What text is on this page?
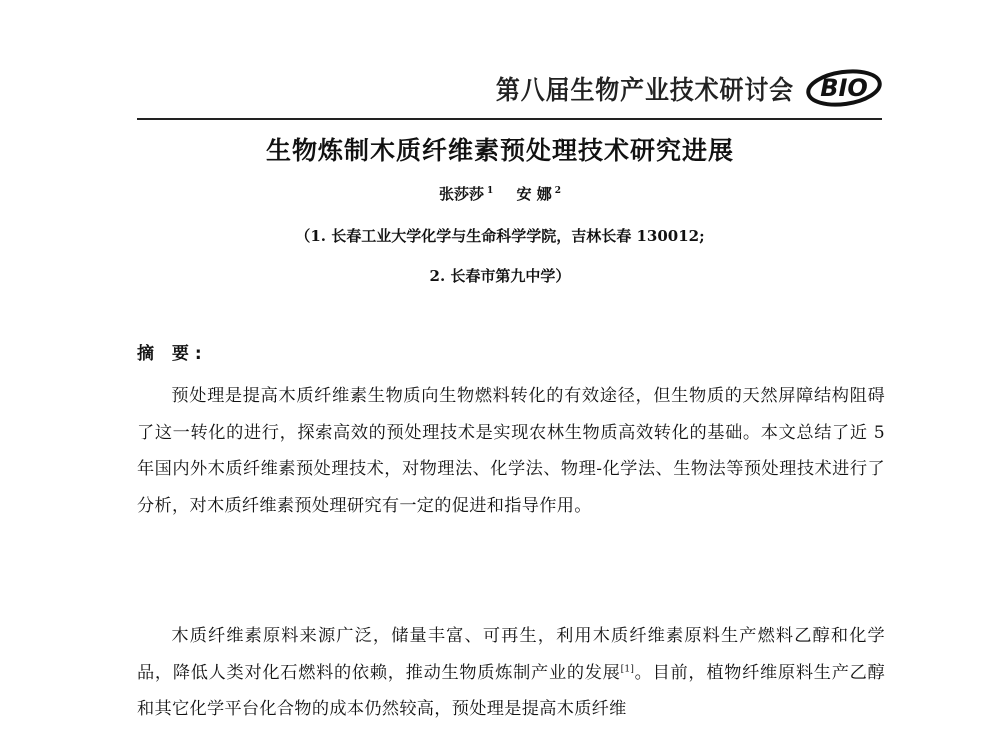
第八届生物产业技术研讨会 BIO
生物炼制木质纤维素预处理技术研究进展
张莎莎 $^1$ 安 娜 $^2$
（1. 长春工业大学化学与生命科学学院，吉林长春 130012;
2. 长春市第九中学）
摘 要:

预处理是提高木质纤维素生物质向生物燃料转化的有效途径，但生物质的天然屏障结构阻碍了这一转化的进行，探索高效的预处理技术是实现农林生物质高效转化的基础。本文总结了近 5 年国内外木质纤维素预处理技术，对物理法、化学法、物理-化学法、生物法等预处理技术进行了分析，对木质纤维素预处理研究有一定的促进和指导作用。

木质纤维素原料来源广泛，储量丰富、可再生，利用木质纤维素原料生产燃料乙醇和化学品，降低人类对化石燃料的依赖，推动生物质炼制产业的发展[1]。目前，植物纤维原料生产乙醇和其它化学平台化合物的成本仍然较高，预处理是提高木质纤维
